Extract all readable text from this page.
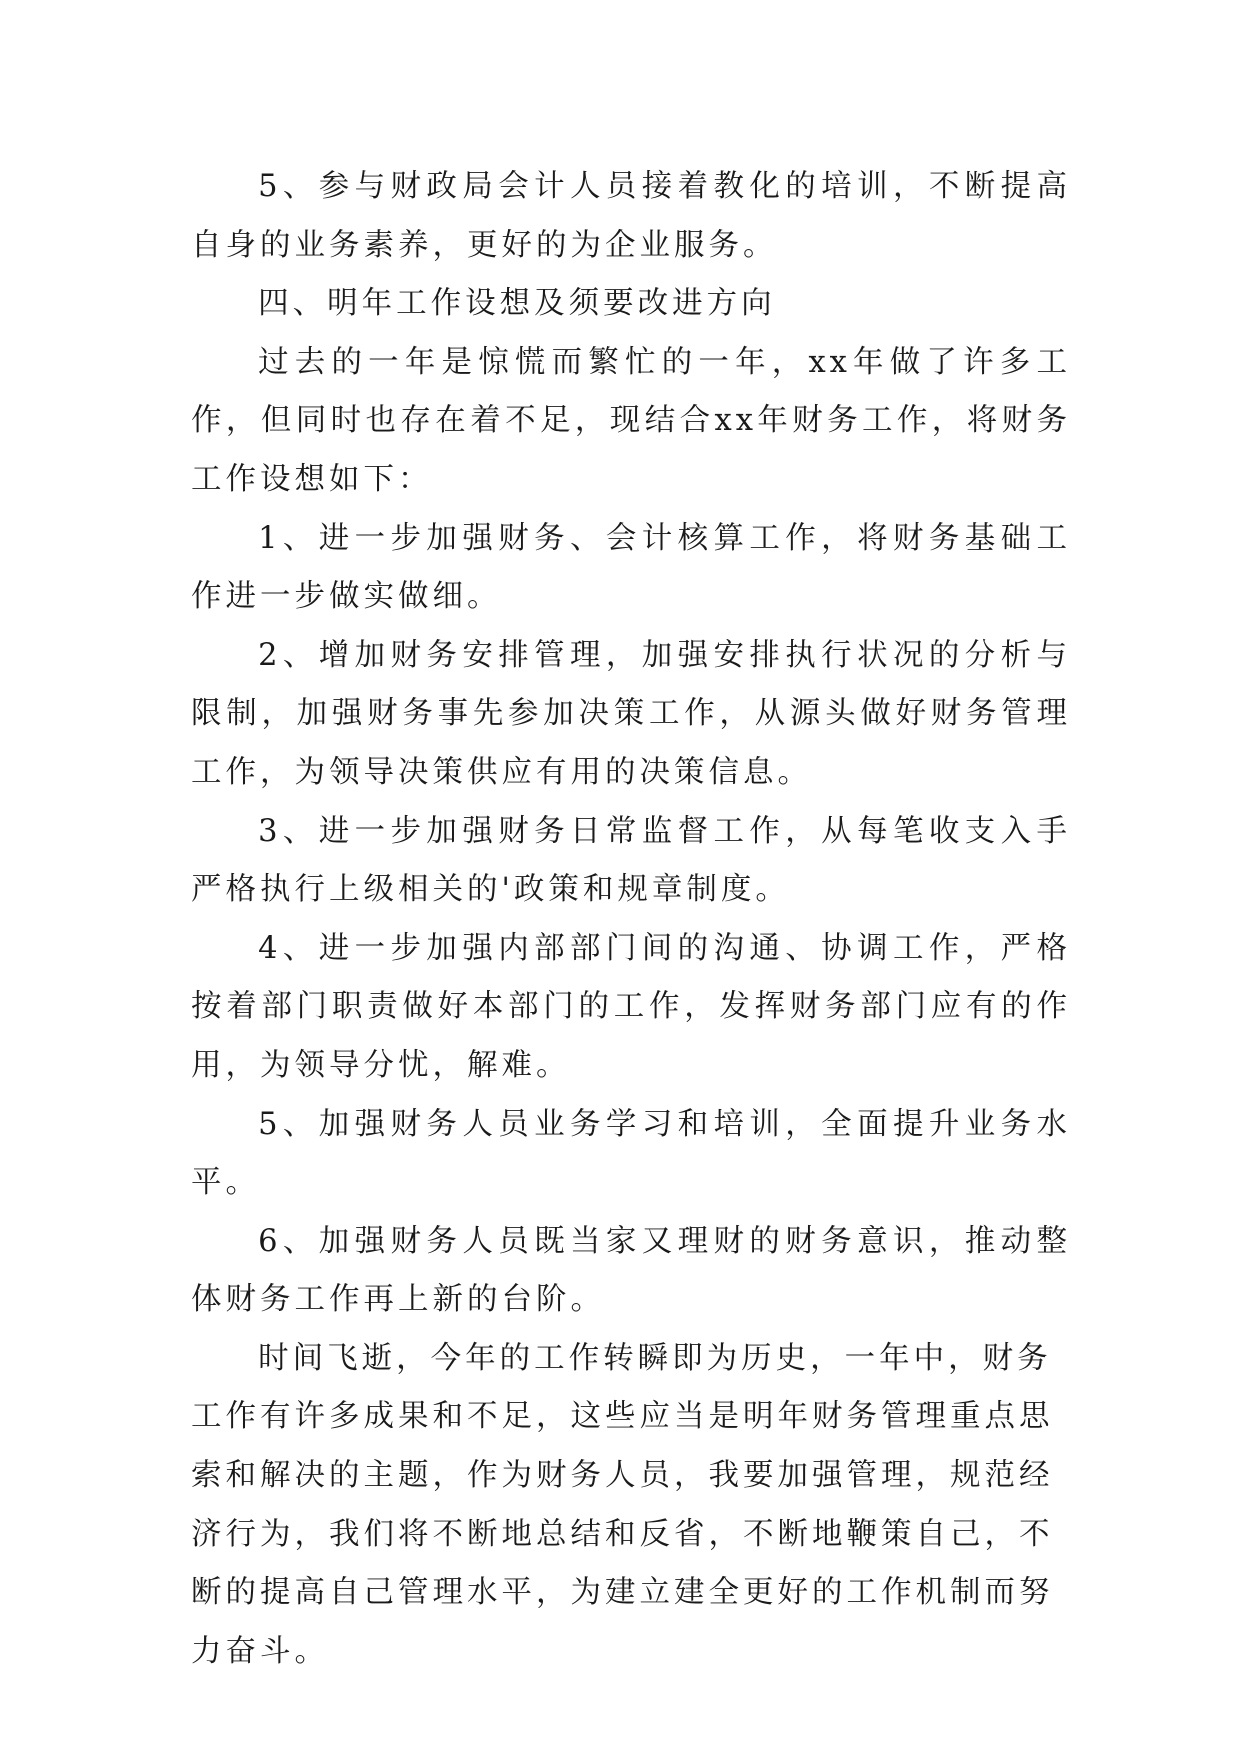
5、参与财政局会计人员接着教化的培训，不断提高自身的业务素养，更好的为企业服务。

四、明年工作设想及须要改进方向

过去的一年是惊慌而繁忙的一年，xx年做了许多工作，但同时也存在着不足，现结合xx年财务工作，将财务工作设想如下：

1、进一步加强财务、会计核算工作，将财务基础工作进一步做实做细。

2、增加财务安排管理，加强安排执行状况的分析与限制，加强财务事先参加决策工作，从源头做好财务管理工作，为领导决策供应有用的决策信息。

3、进一步加强财务日常监督工作，从每笔收支入手严格执行上级相关的'政策和规章制度。

4、进一步加强内部部门间的沟通、协调工作，严格按着部门职责做好本部门的工作，发挥财务部门应有的作用，为领导分忧，解难。

5、加强财务人员业务学习和培训，全面提升业务水平。

6、加强财务人员既当家又理财的财务意识，推动整体财务工作再上新的台阶。

时间飞逝，今年的工作转瞬即为历史，一年中，财务工作有许多成果和不足，这些应当是明年财务管理重点思索和解决的主题，作为财务人员，我要加强管理，规范经济行为，我们将不断地总结和反省，不断地鞭策自己，不断的提高自己管理水平，为建立建全更好的工作机制而努力奋斗。
